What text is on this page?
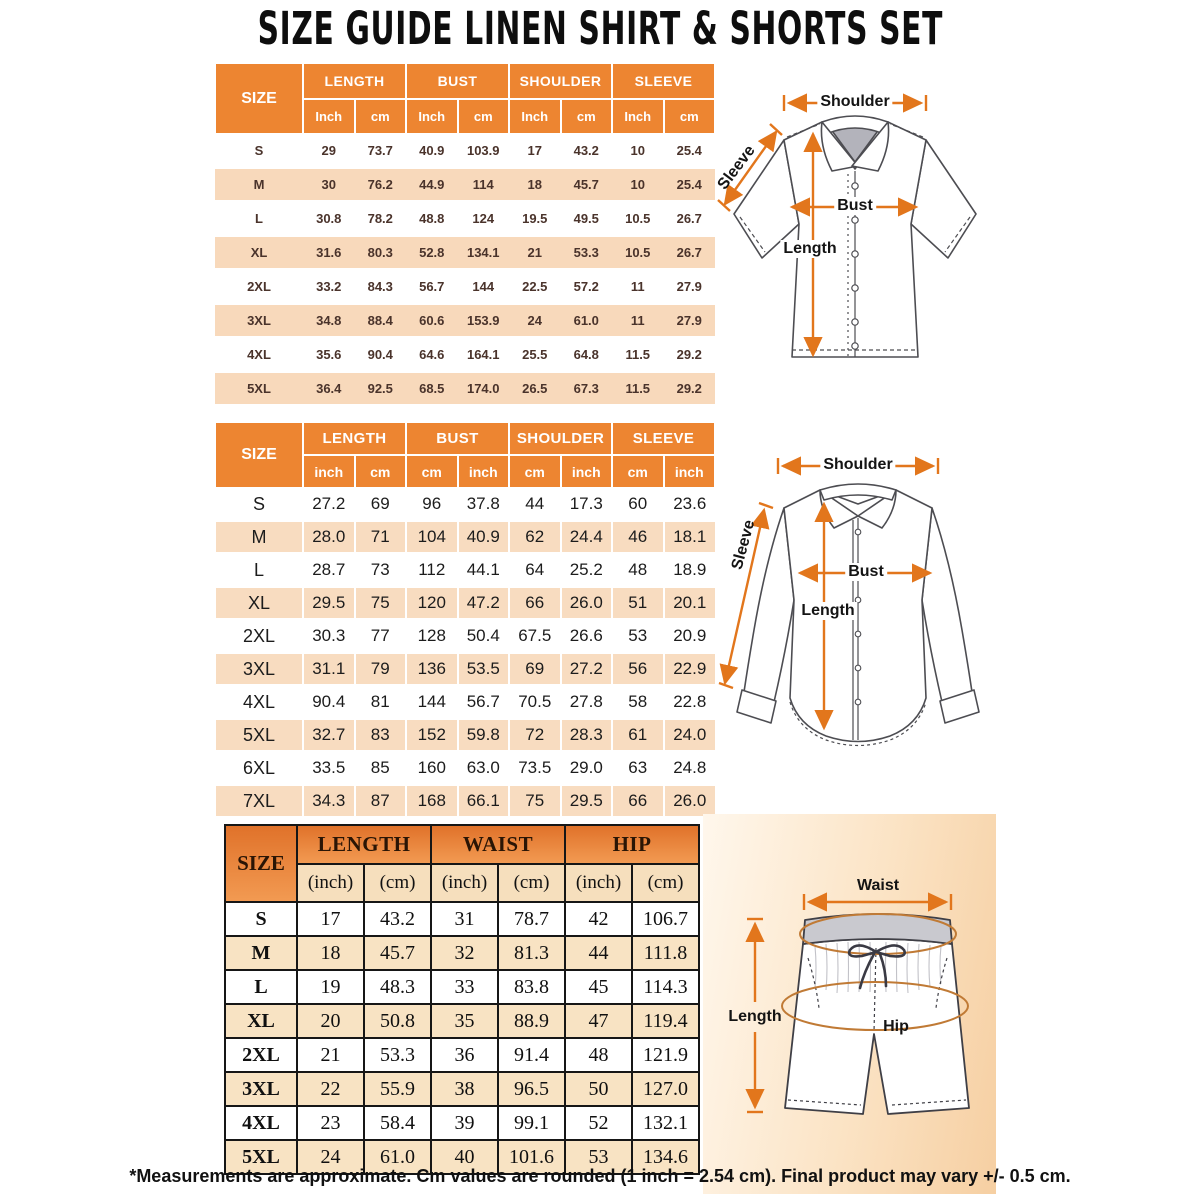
SIZE GUIDE LINEN SHIRT & SHORTS SET
SIZE	LENGTH		BUST		SHOULDER		SLEEVE	
	Inch	cm	Inch	cm	Inch	cm	Inch	cm
S	29	73.7	40.9	103.9	17	43.2	10	25.4
M	30	76.2	44.9	114	18	45.7	10	25.4
L	30.8	78.2	48.8	124	19.5	49.5	10.5	26.7
XL	31.6	80.3	52.8	134.1	21	53.3	10.5	26.7
2XL	33.2	84.3	56.7	144	22.5	57.2	11	27.9
3XL	34.8	88.4	60.6	153.9	24	61.0	11	27.9
4XL	35.6	90.4	64.6	164.1	25.5	64.8	11.5	29.2
5XL	36.4	92.5	68.5	174.0	26.5	67.3	11.5	29.2
SIZE	LENGTH		BUST		SHOULDER		SLEEVE	
	inch	cm	cm	inch	cm	inch	cm	inch
S	27.2	69	96	37.8	44	17.3	60	23.6
M	28.0	71	104	40.9	62	24.4	46	18.1
L	28.7	73	112	44.1	64	25.2	48	18.9
XL	29.5	75	120	47.2	66	26.0	51	20.1
2XL	30.3	77	128	50.4	67.5	26.6	53	20.9
3XL	31.1	79	136	53.5	69	27.2	56	22.9
4XL	90.4	81	144	56.7	70.5	27.8	58	22.8
5XL	32.7	83	152	59.8	72	28.3	61	24.0
6XL	33.5	85	160	63.0	73.5	29.0	63	24.8
7XL	34.3	87	168	66.1	75	29.5	66	26.0
SIZE	LENGTH		WAIST		HIP	
	(inch)	(cm)	(inch)	(cm)	(inch)	(cm)
S	17	43.2	31	78.7	42	106.7
M	18	45.7	32	81.3	44	111.8
L	19	48.3	33	83.8	45	114.3
XL	20	50.8	35	88.9	47	119.4
2XL	21	53.3	36	91.4	48	121.9
3XL	22	55.9	38	96.5	50	127.0
4XL	23	58.4	39	99.1	52	132.1
5XL	24	61.0	40	101.6	53	134.6
Shoulder
Sleeve
Bust
Length
Shoulder
Sleeve	Bust
Length
Waist
Length
Hip
*Measurements are approximate. Cm values are rounded (1 inch = 2.54 cm). Final product may vary +/- 0.5 cm.
